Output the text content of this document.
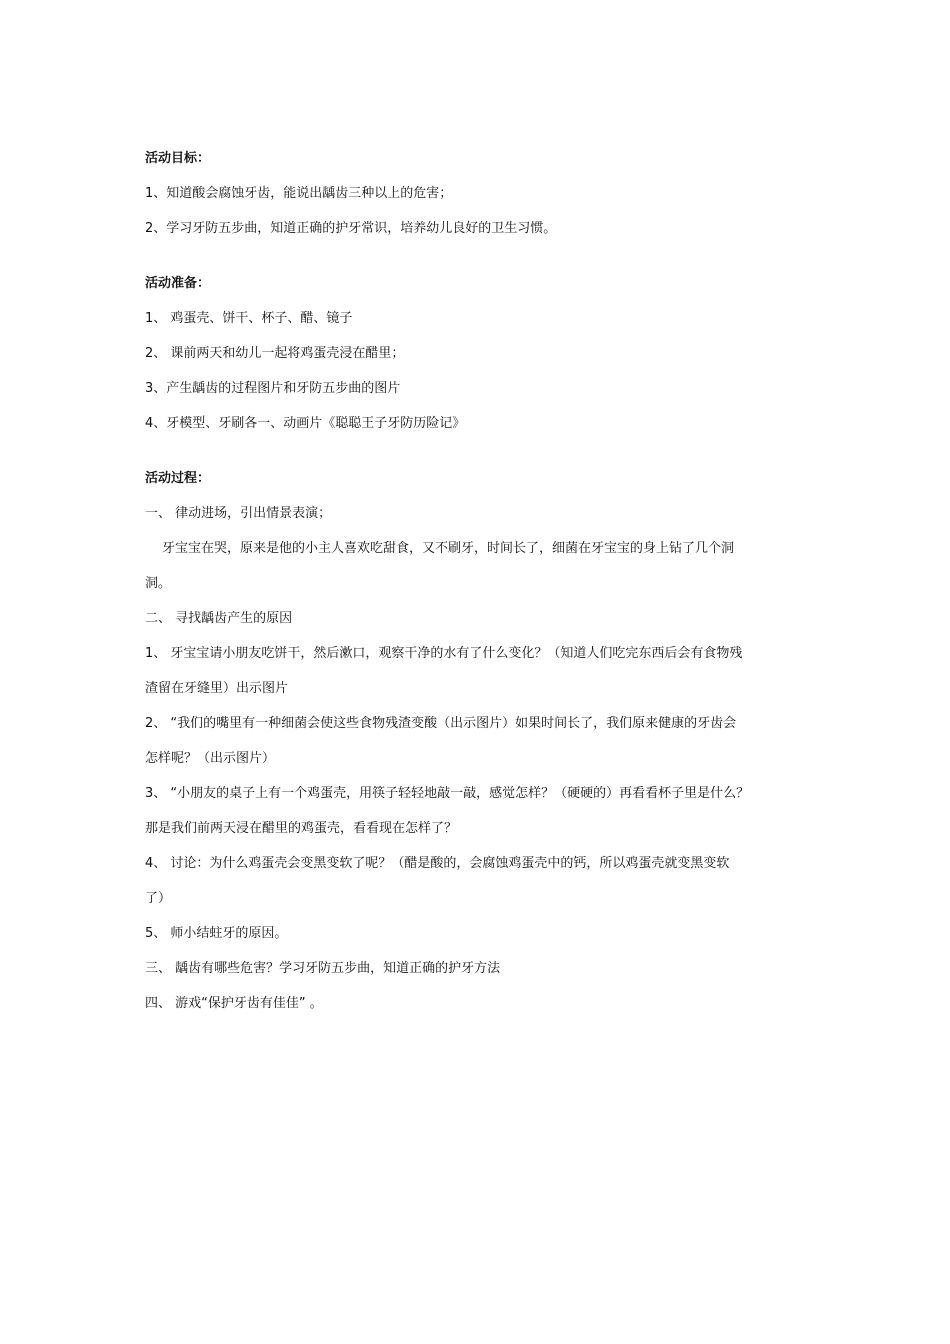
活动目标：
1、知道酸会腐蚀牙齿，能说出龋齿三种以上的危害；
2、学习牙防五步曲，知道正确的护牙常识，培养幼儿良好的卫生习惯。
活动准备：
1、 鸡蛋壳、饼干、杯子、醋、镜子
2、 课前两天和幼儿一起将鸡蛋壳浸在醋里；
3、产生龋齿的过程图片和牙防五步曲的图片
4、牙模型、牙刷各一、动画片《聪聪王子牙防历险记》
活动过程：
一、 律动进场，引出情景表演；
牙宝宝在哭，原来是他的小主人喜欢吃甜食，又不刷牙，时间长了，细菌在牙宝宝的身上钻了几个洞
洞。
二、 寻找龋齿产生的原因
1、 牙宝宝请小朋友吃饼干，然后漱口，观察干净的水有了什么变化？（知道人们吃完东西后会有食物残
渣留在牙缝里）出示图片
2、 “我们的嘴里有一种细菌会使这些食物残渣变酸（出示图片）如果时间长了，我们原来健康的牙齿会
怎样呢？（出示图片）
3、 “小朋友的桌子上有一个鸡蛋壳，用筷子轻轻地敲一敲，感觉怎样？（硬硬的）再看看杯子里是什么？
那是我们前两天浸在醋里的鸡蛋壳，看看现在怎样了？
4、 讨论：为什么鸡蛋壳会变黑变软了呢？（醋是酸的，会腐蚀鸡蛋壳中的钙，所以鸡蛋壳就变黑变软
了）
5、 师小结蛀牙的原因。
三、 龋齿有哪些危害？学习牙防五步曲，知道正确的护牙方法
四、 游戏“保护牙齿有佳佳” 。
